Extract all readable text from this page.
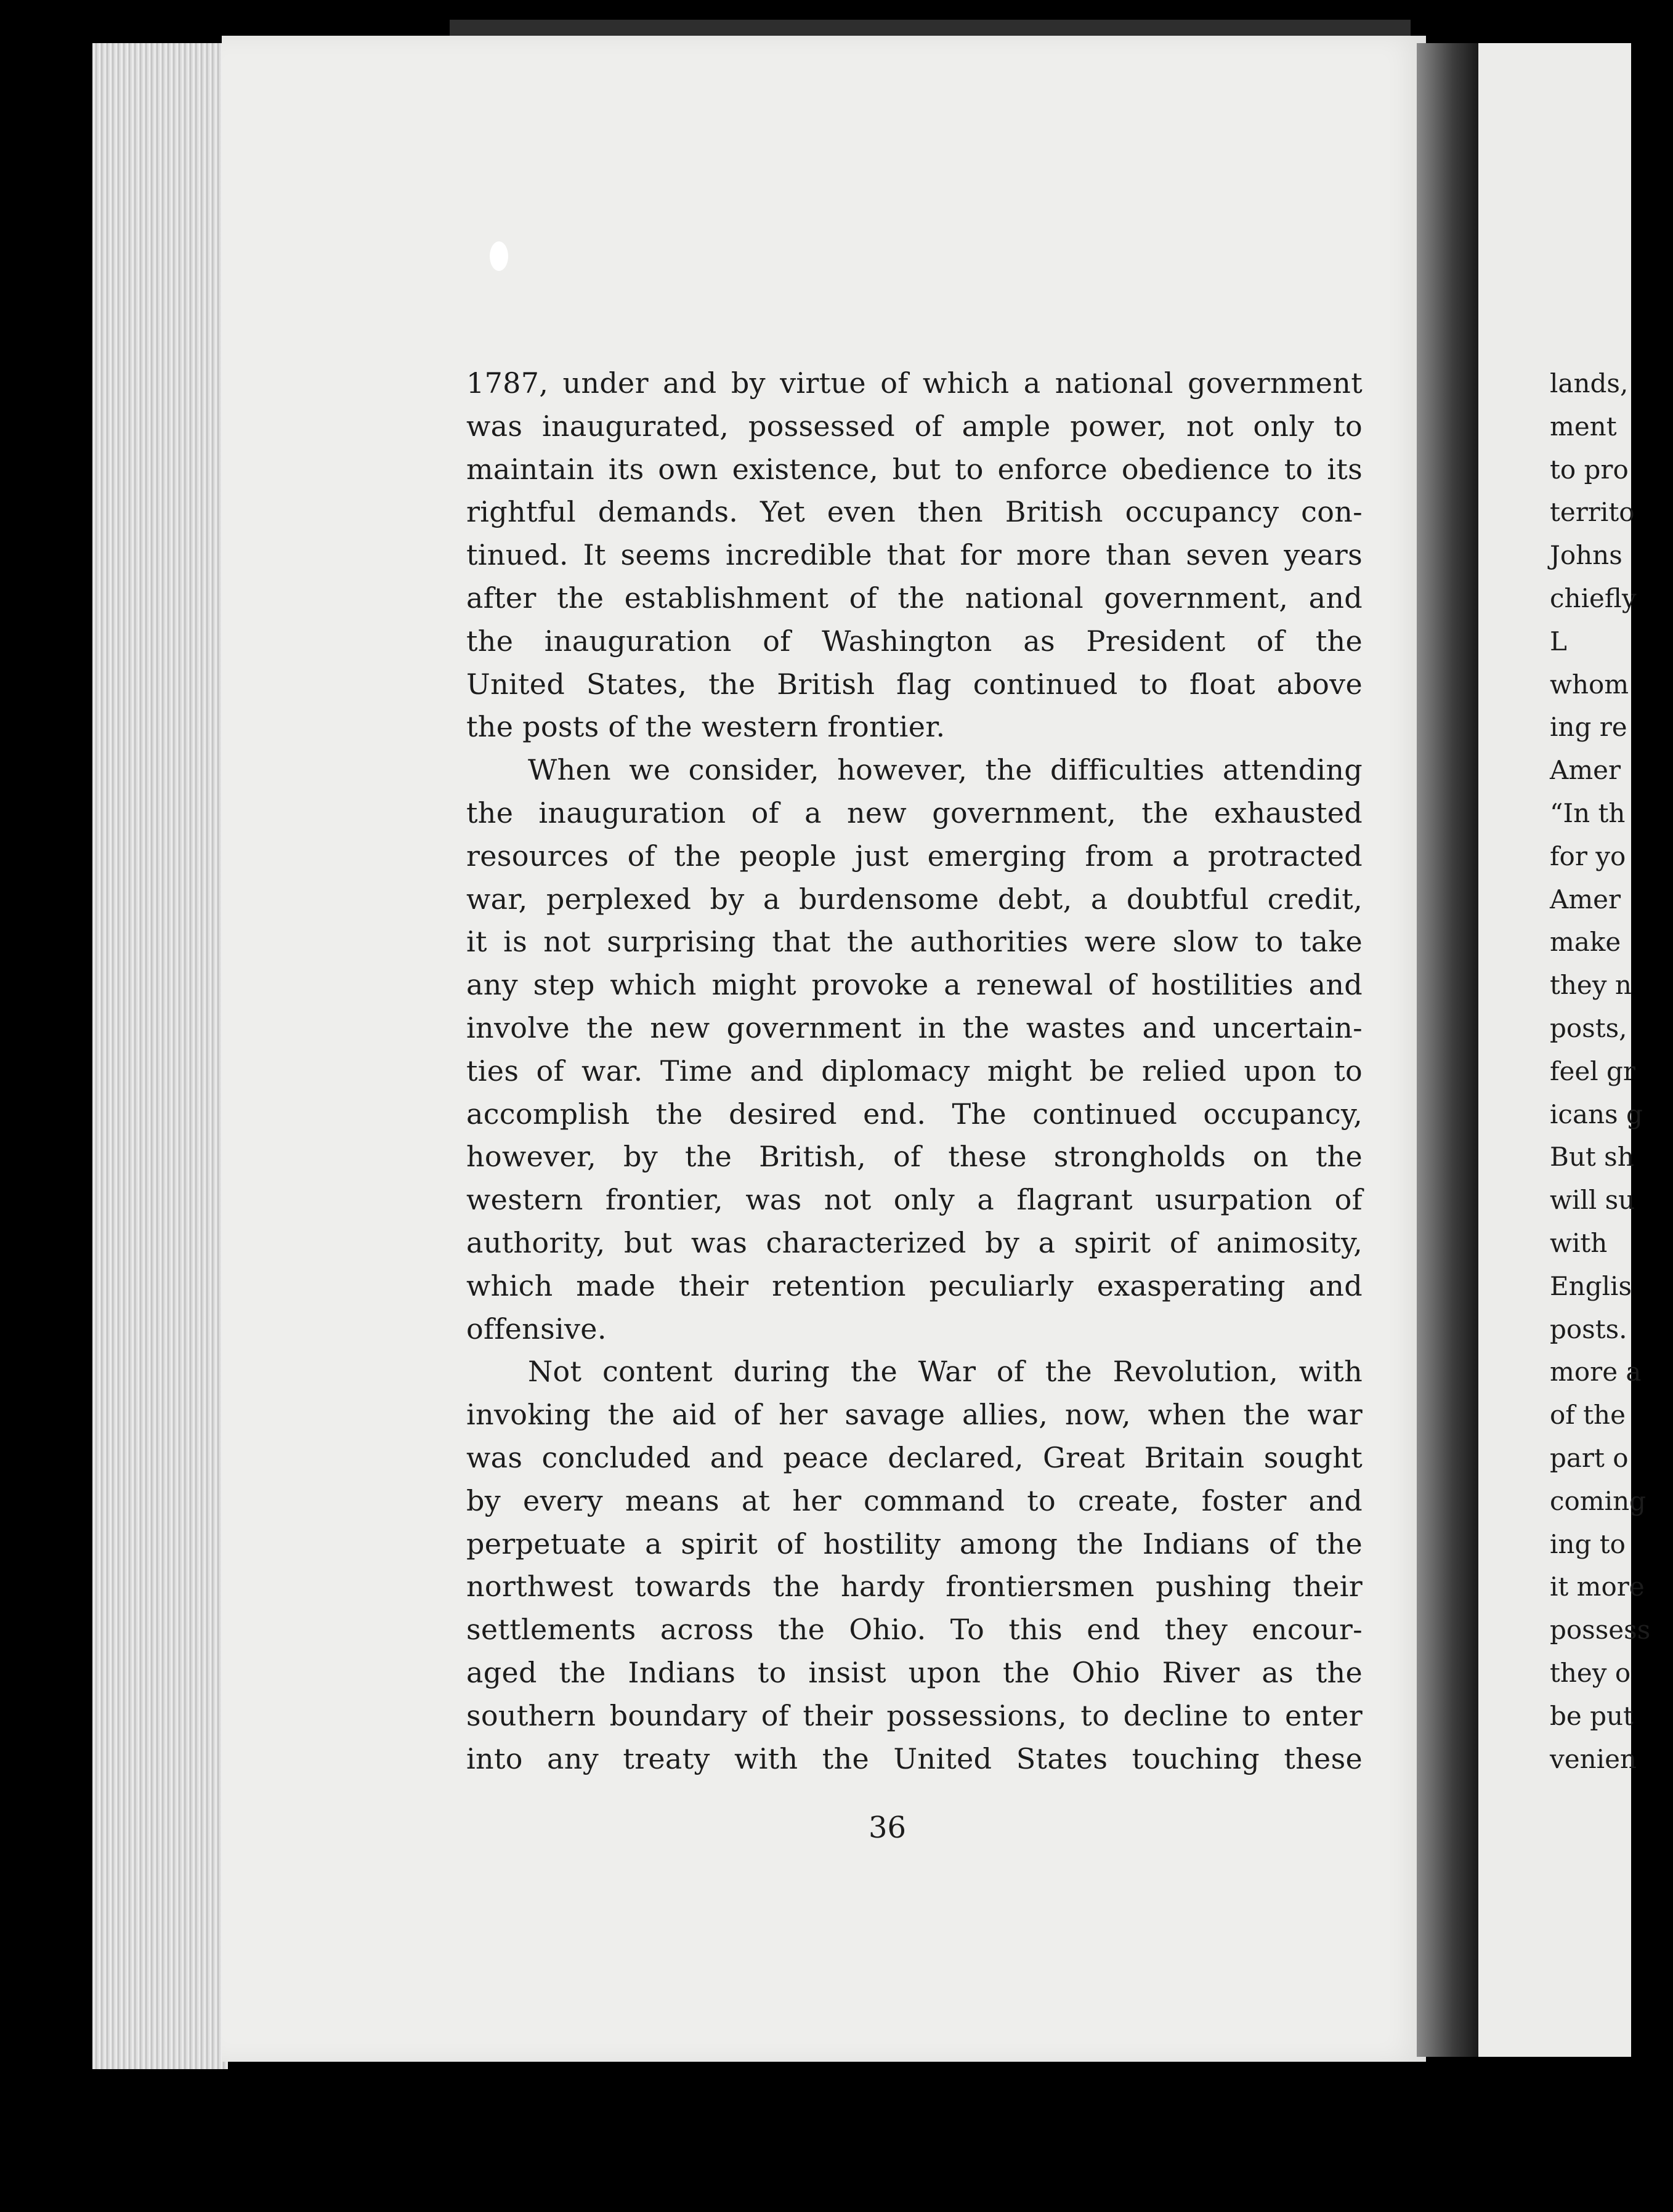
1787, under and by virtue of which a national government
was inaugurated, possessed of ample power, not only to
maintain its own existence, but to enforce obedience to its
rightful demands. Yet even then British occupancy con-
tinued. It seems incredible that for more than seven years
after the establishment of the national government, and
the inauguration of Washington as President of the
United States, the British flag continued to float above
the posts of the western frontier.
When we consider, however, the difficulties attending
the inauguration of a new government, the exhausted
resources of the people just emerging from a protracted
war, perplexed by a burdensome debt, a doubtful credit,
it is not surprising that the authorities were slow to take
any step which might provoke a renewal of hostilities and
involve the new government in the wastes and uncertain-
ties of war. Time and diplomacy might be relied upon to
accomplish the desired end. The continued occupancy,
however, by the British, of these strongholds on the
western frontier, was not only a flagrant usurpation of
authority, but was characterized by a spirit of animosity,
which made their retention peculiarly exasperating and
offensive.
Not content during the War of the Revolution, with
invoking the aid of her savage allies, now, when the war
was concluded and peace declared, Great Britain sought
by every means at her command to create, foster and
perpetuate a spirit of hostility among the Indians of the
northwest towards the hardy frontiersmen pushing their
settlements across the Ohio. To this end they encour-
aged the Indians to insist upon the Ohio River as the
southern boundary of their possessions, to decline to enter
into any treaty with the United States touching these
36
lands,
ment
to pro
territo
Johns
chiefly
L
whom
ing re
Amer
“In th
for yo
Amer
make
they n
posts,
feel gr
icans g
But sh
will su
with
Englis
posts.
more a
of the
part o
coming
ing to
it more
possess
they o
be put
venien
